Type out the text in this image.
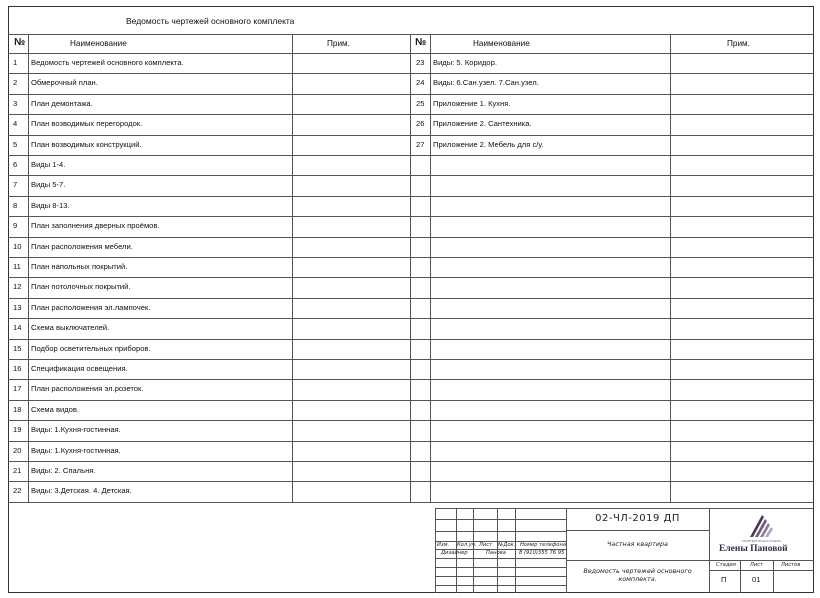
Ведомость чертежей основного комплекта
№	Наименование	Прим.	№	Наименование	Прим.
1 Ведомость чертежей основного комплекта.
2 Обмерочный план.
3 План демонтажа.
4 План возводимых перегородок.
5 План возводимых конструкций.
6 Виды 1-4.
7 Виды 5-7.
8 Виды 8-13.
9 План заполнения дверных проёмов.
10 План расположения мебели.
11 План напольных покрытий.
12 План потолочных покрытий.
13 План расположения эл.лампочек.
14 Схема выключателей.
15 Подбор осветительных приборов.
16 Спецификация освещения.
17 План расположения эл.розеток.
18 Схема видов.
19 Виды: 1.Кухня-гостинная.
20 Виды: 1.Кухня-гостинная.
21 Виды: 2. Спальня.
22 Виды: 3.Детская. 4. Детская.
23 Виды: 5. Коридор.
24 Виды: 6.Сан.узел. 7.Сан.узел.
25 Приложение 1. Кухня.
26 Приложение 2. Сантехника.
27 Приложение 2. Мебель для с/у.
Изм. Кол.уч. Лист №Док. Номер телефона
Дизайнер	Панова	8 (910)355 76 95
02-ЧЛ-2019 ДП
Частная квартира
Ведомость чертежей основного
комплекта.
АРХИТЕКТУРНАЯ СТУДИЯ
Елены Пановой
Стадия	Лист	Листов
П	01
